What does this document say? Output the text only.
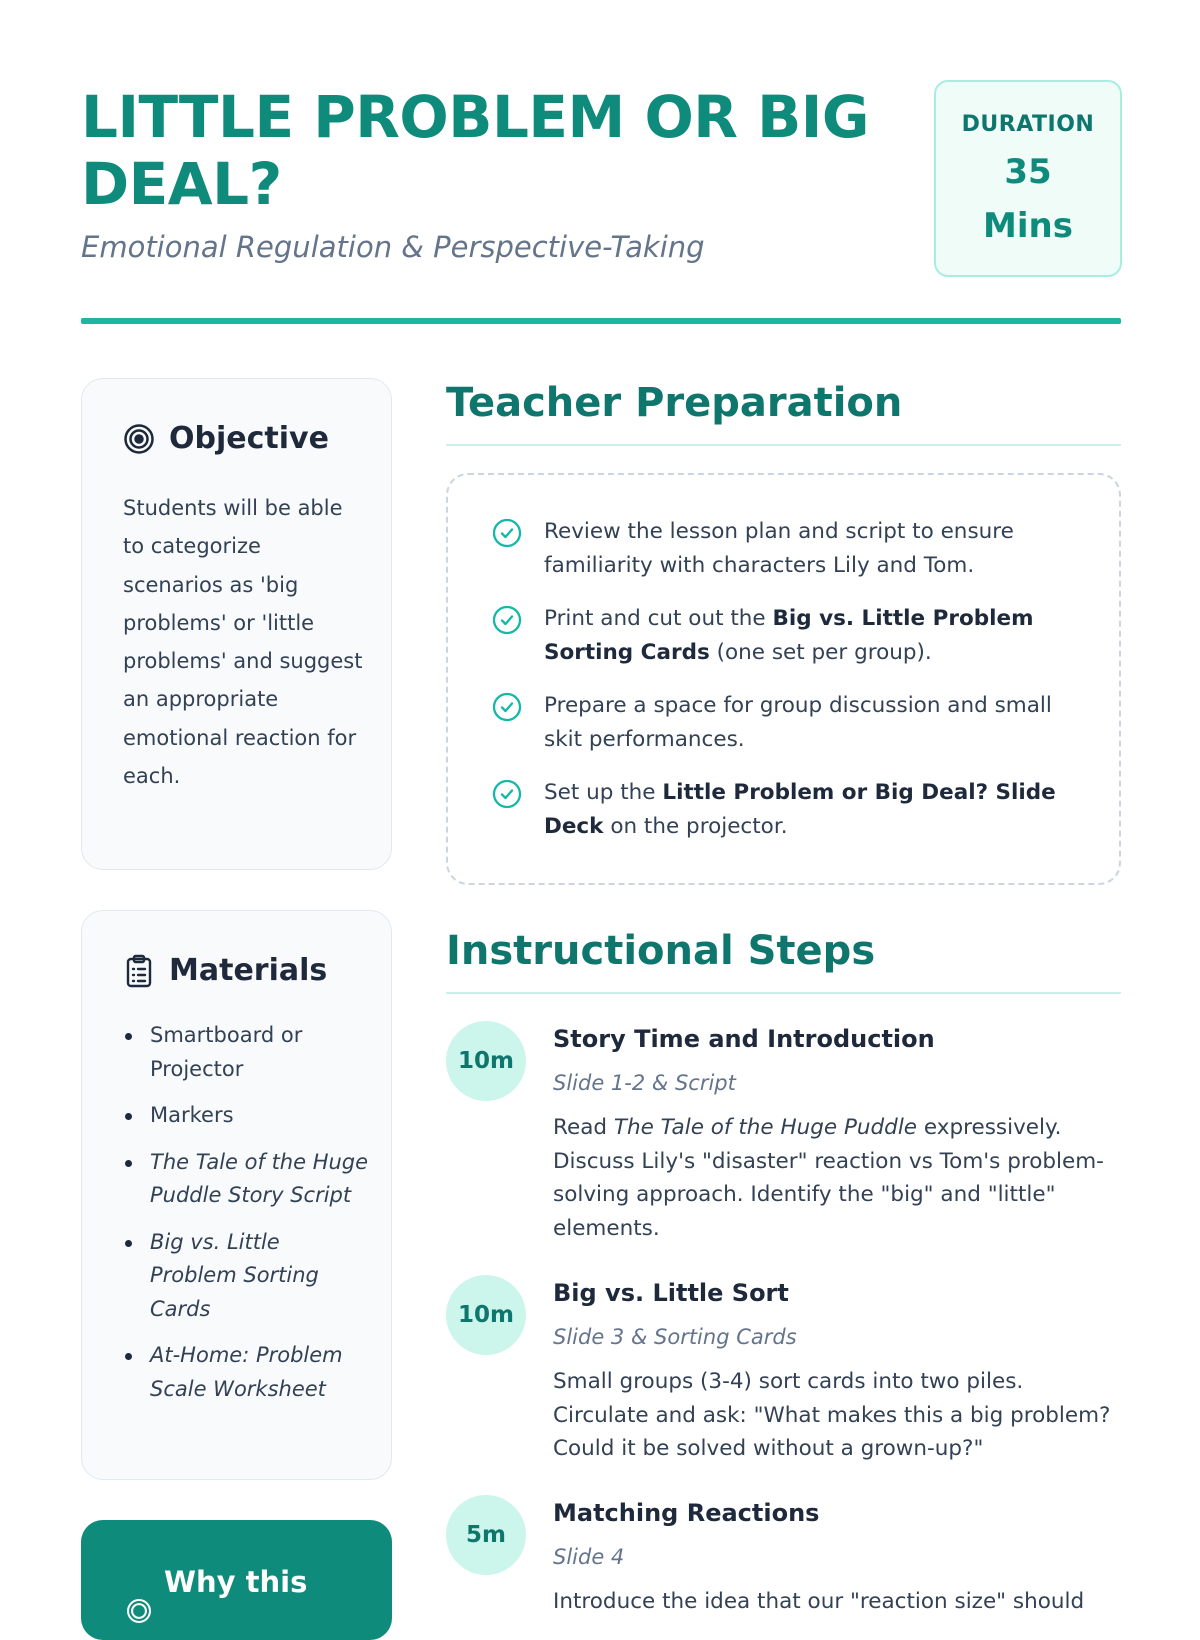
LITTLE PROBLEM OR BIG DEAL?
Emotional Regulation & Perspective-Taking
DURATION
35
Mins
Objective

Students will be able to categorize scenarios as 'big problems' or 'little problems' and suggest an appropriate emotional reaction for each.

Materials
Smartboard or Projector
Markers
The Tale of the Huge Puddle Story Script
Big vs. Little Problem Sorting Cards
At-Home: Problem Scale Worksheet
Why this
Teacher Preparation
Review the lesson plan and script to ensure familiarity with characters Lily and Tom.
Print and cut out the Big vs. Little Problem Sorting Cards (one set per group).
Prepare a space for group discussion and small skit performances.
Set up the Little Problem or Big Deal? Slide Deck on the projector.
Instructional Steps
10m
Story Time and Introduction
Slide 1-2 & Script

Read The Tale of the Huge Puddle expressively. Discuss Lily's "disaster" reaction vs Tom's problem-solving approach. Identify the "big" and "little" elements.

10m
Big vs. Little Sort
Slide 3 & Sorting Cards

Small groups (3-4) sort cards into two piles. Circulate and ask: "What makes this a big problem? Could it be solved without a grown-up?"

5m
Matching Reactions
Slide 4

Introduce the idea that our "reaction size" should
